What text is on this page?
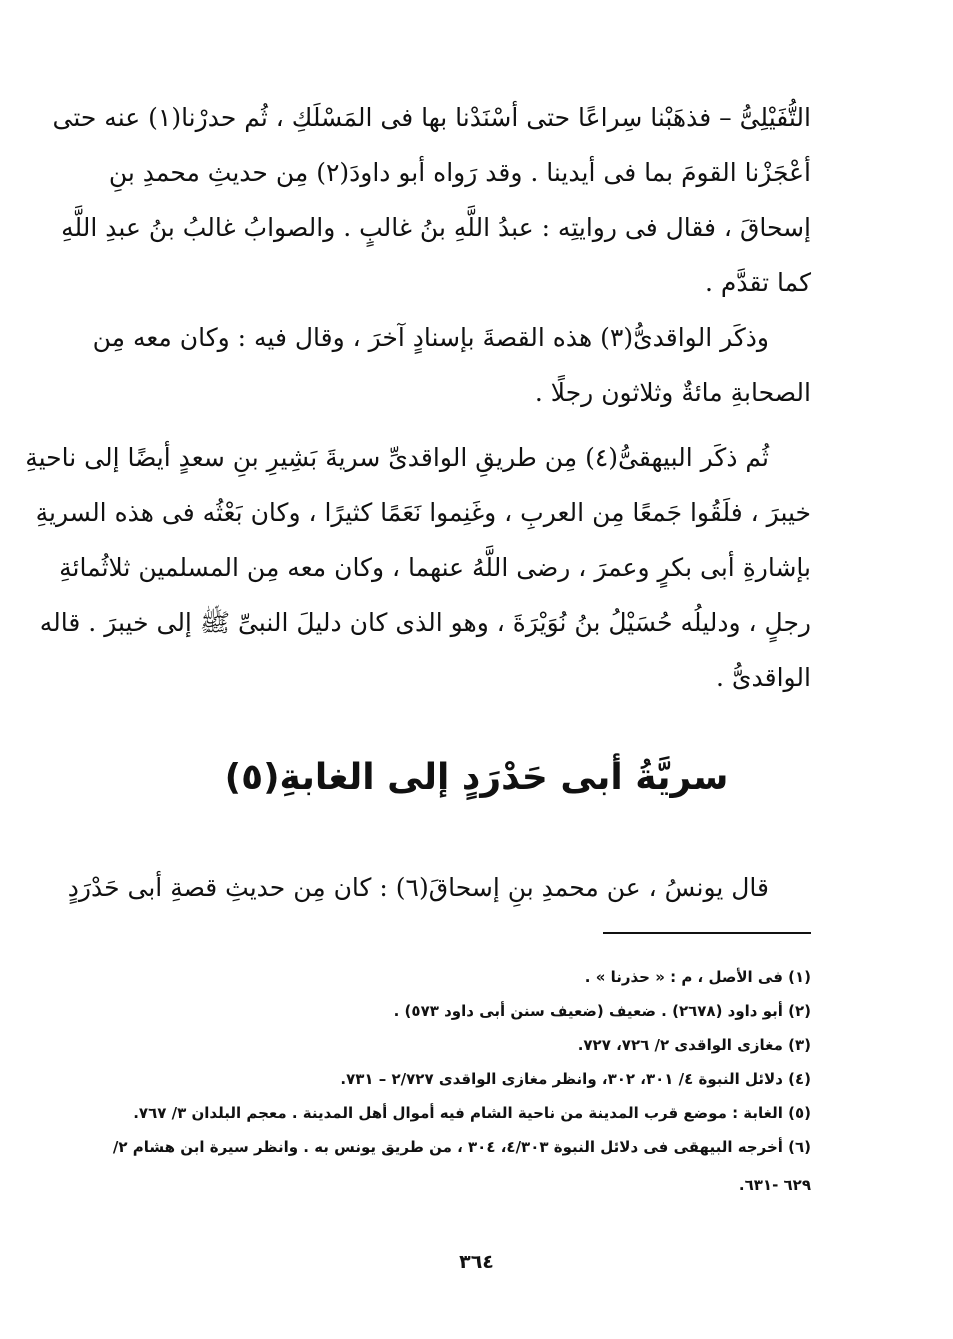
التُّفَيْلِىُّ – فذهَبْنا سِراعًا حتى أسْنَدْنا بها فى المَسْلَكِ ، ثُم حدرْنا(١) عنه حتى
أعْجَزْنا القومَ بما فى أيدينا . وقد رَواه أبو داودَ(٢) مِن حديثِ محمدِ بنِ
إسحاقَ ، فقال فى روايتِه : عبدُ اللَّهِ بنُ غالبٍ . والصوابُ غالبُ بنُ عبدِ اللَّهِ
كما تقدَّم .
وذكَر الواقدىُّ(٣) هذه القصةَ بإسنادٍ آخرَ ، وقال فيه : وكان معه مِن
الصحابةِ مائةٌ وثلاثون رجلًا .
ثُم ذكَر البيهقىُّ(٤) مِن طريقِ الواقدىِّ سريةَ بَشِيرِ بنِ سعدٍ أيضًا إلى ناحيةِ
خيبرَ ، فلَقُوا جَمعًا مِن العربِ ، وغَنِموا نَعَمًا كثيرًا ، وكان بَعْثُه فى هذه السريةِ
بإشارةِ أبى بكرٍ وعمرَ ، رضى اللَّهُ عنهما ، وكان معه مِن المسلمين ثلاثُمائةِ
رجلٍ ، ودليلُه حُسَيْلُ بنُ نُوَيْرَةَ ، وهو الذى كان دليلَ النبىِّ ﷺ إلى خيبرَ . قاله
الواقدىُّ .
سريَّةُ أبى حَدْرَدٍ إلى الغابةِ(٥)
قال يونسُ ، عن محمدِ بنِ إسحاقَ(٦) : كان مِن حديثِ قصةِ أبى حَدْرَدٍ
(١) فى الأصل ، م : « حذرنا » .
(٢) أبو داود (٢٦٧٨) . ضعيف (ضعيف سنن أبى داود ٥٧٣) .
(٣) مغازى الواقدى ٢/ ٧٢٦، ٧٢٧.
(٤) دلائل النبوة ٤/ ٣٠١، ٣٠٢، وانظر مغازى الواقدى ٢/٧٢٧ – ٧٣١.
(٥) الغابة : موضع قرب المدينة من ناحية الشام فيه أموال أهل المدينة . معجم البلدان ٣/ ٧٦٧.
(٦) أخرجه البيهقى فى دلائل النبوة ٤/٣٠٣، ٣٠٤ ، من طريق يونس به . وانظر سيرة ابن هشام ٢/
٦٢٩ -٦٣١.
٣٦٤
